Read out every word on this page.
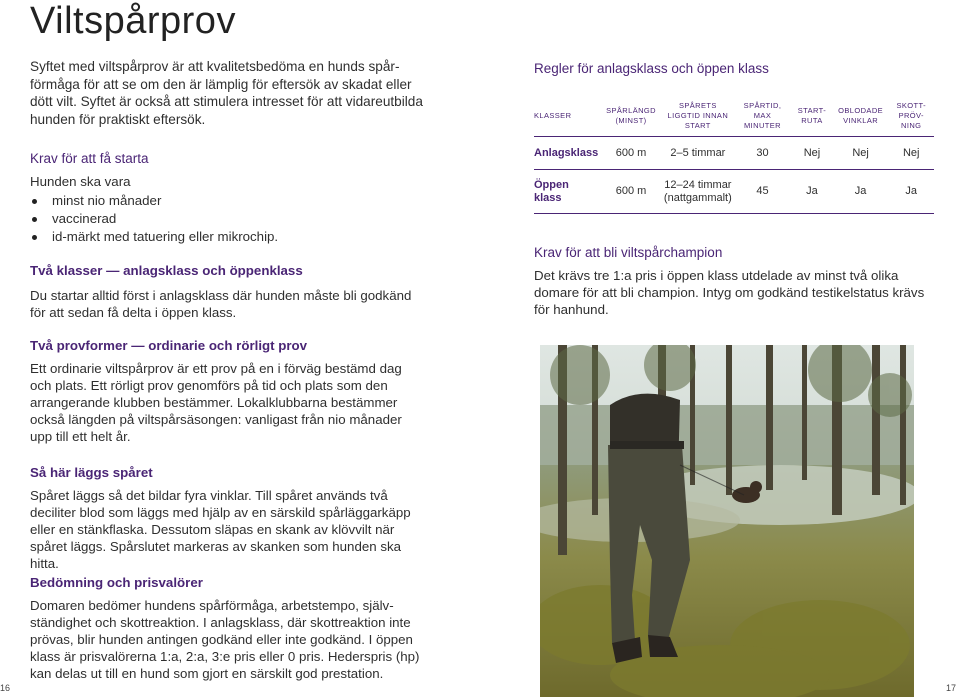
Viltspårprov

Syftet med viltspårprov är att kvalitetsbedöma en hunds spårförmåga för att se om den är lämplig för eftersök av skadat eller dött vilt. Syftet är också att stimulera intresset för att vidareutbilda hunden för praktiskt eftersök.

Krav för att få starta

Hunden ska vara

minst nio månader
vaccinerad
id-märkt med tatuering eller mikrochip.

Två klasser — anlagsklass och öppenklass

Du startar alltid först i anlagsklass där hunden måste bli godkänd för att sedan få delta i öppen klass.

Två provformer — ordinarie och rörligt prov

Ett ordinarie viltspårprov är ett prov på en i förväg bestämd dag och plats. Ett rörligt prov genomförs på tid och plats som den arrangerande klubben bestämmer. Lokalklubbarna bestämmer också längden på viltspårsäsongen: vanligast från nio månader upp till ett helt år.

Så här läggs spåret

Spåret läggs så det bildar fyra vinklar. Till spåret används två deciliter blod som läggs med hjälp av en särskild spårläggarkäpp eller en stänkflaska. Dessutom släpas en skank av klövvilt när spåret läggs. Spårslutet markeras av skanken som hunden ska hitta.

Bedömning och prisvalörer

Domaren bedömer hundens spårförmåga, arbetstempo, självständighet och skottreaktion. I anlagsklass, där skottreaktion inte prövas, blir hunden antingen godkänd eller inte godkänd. I öppen klass är prisvalörerna 1:a, 2:a, 3:e pris eller 0 pris. Hederspris (hp) kan delas ut till en hund som gjort en särskilt god prestation.

Regler för anlagsklass och öppen klass
KLASSER	SPÅRLÄNGD (MINST)	SPÅRETS LIGGTID INNAN START	SPÅRTID, MAX MINUTER	START-RUTA	OBLODADE VINKLAR	SKOTT-PRÖV-NING
Anlagsklass	600 m	2–5 timmar	30	Nej	Nej	Nej
Öppen klass	600 m	12–24 timmar (nattgammalt)	45	Ja	Ja	Ja

Krav för att bli viltspårchampion

Det krävs tre 1:a pris i öppen klass utdelade av minst två olika domare för att bli champion. Intyg om godkänd testikelstatus krävs för hanhund.

16	17
